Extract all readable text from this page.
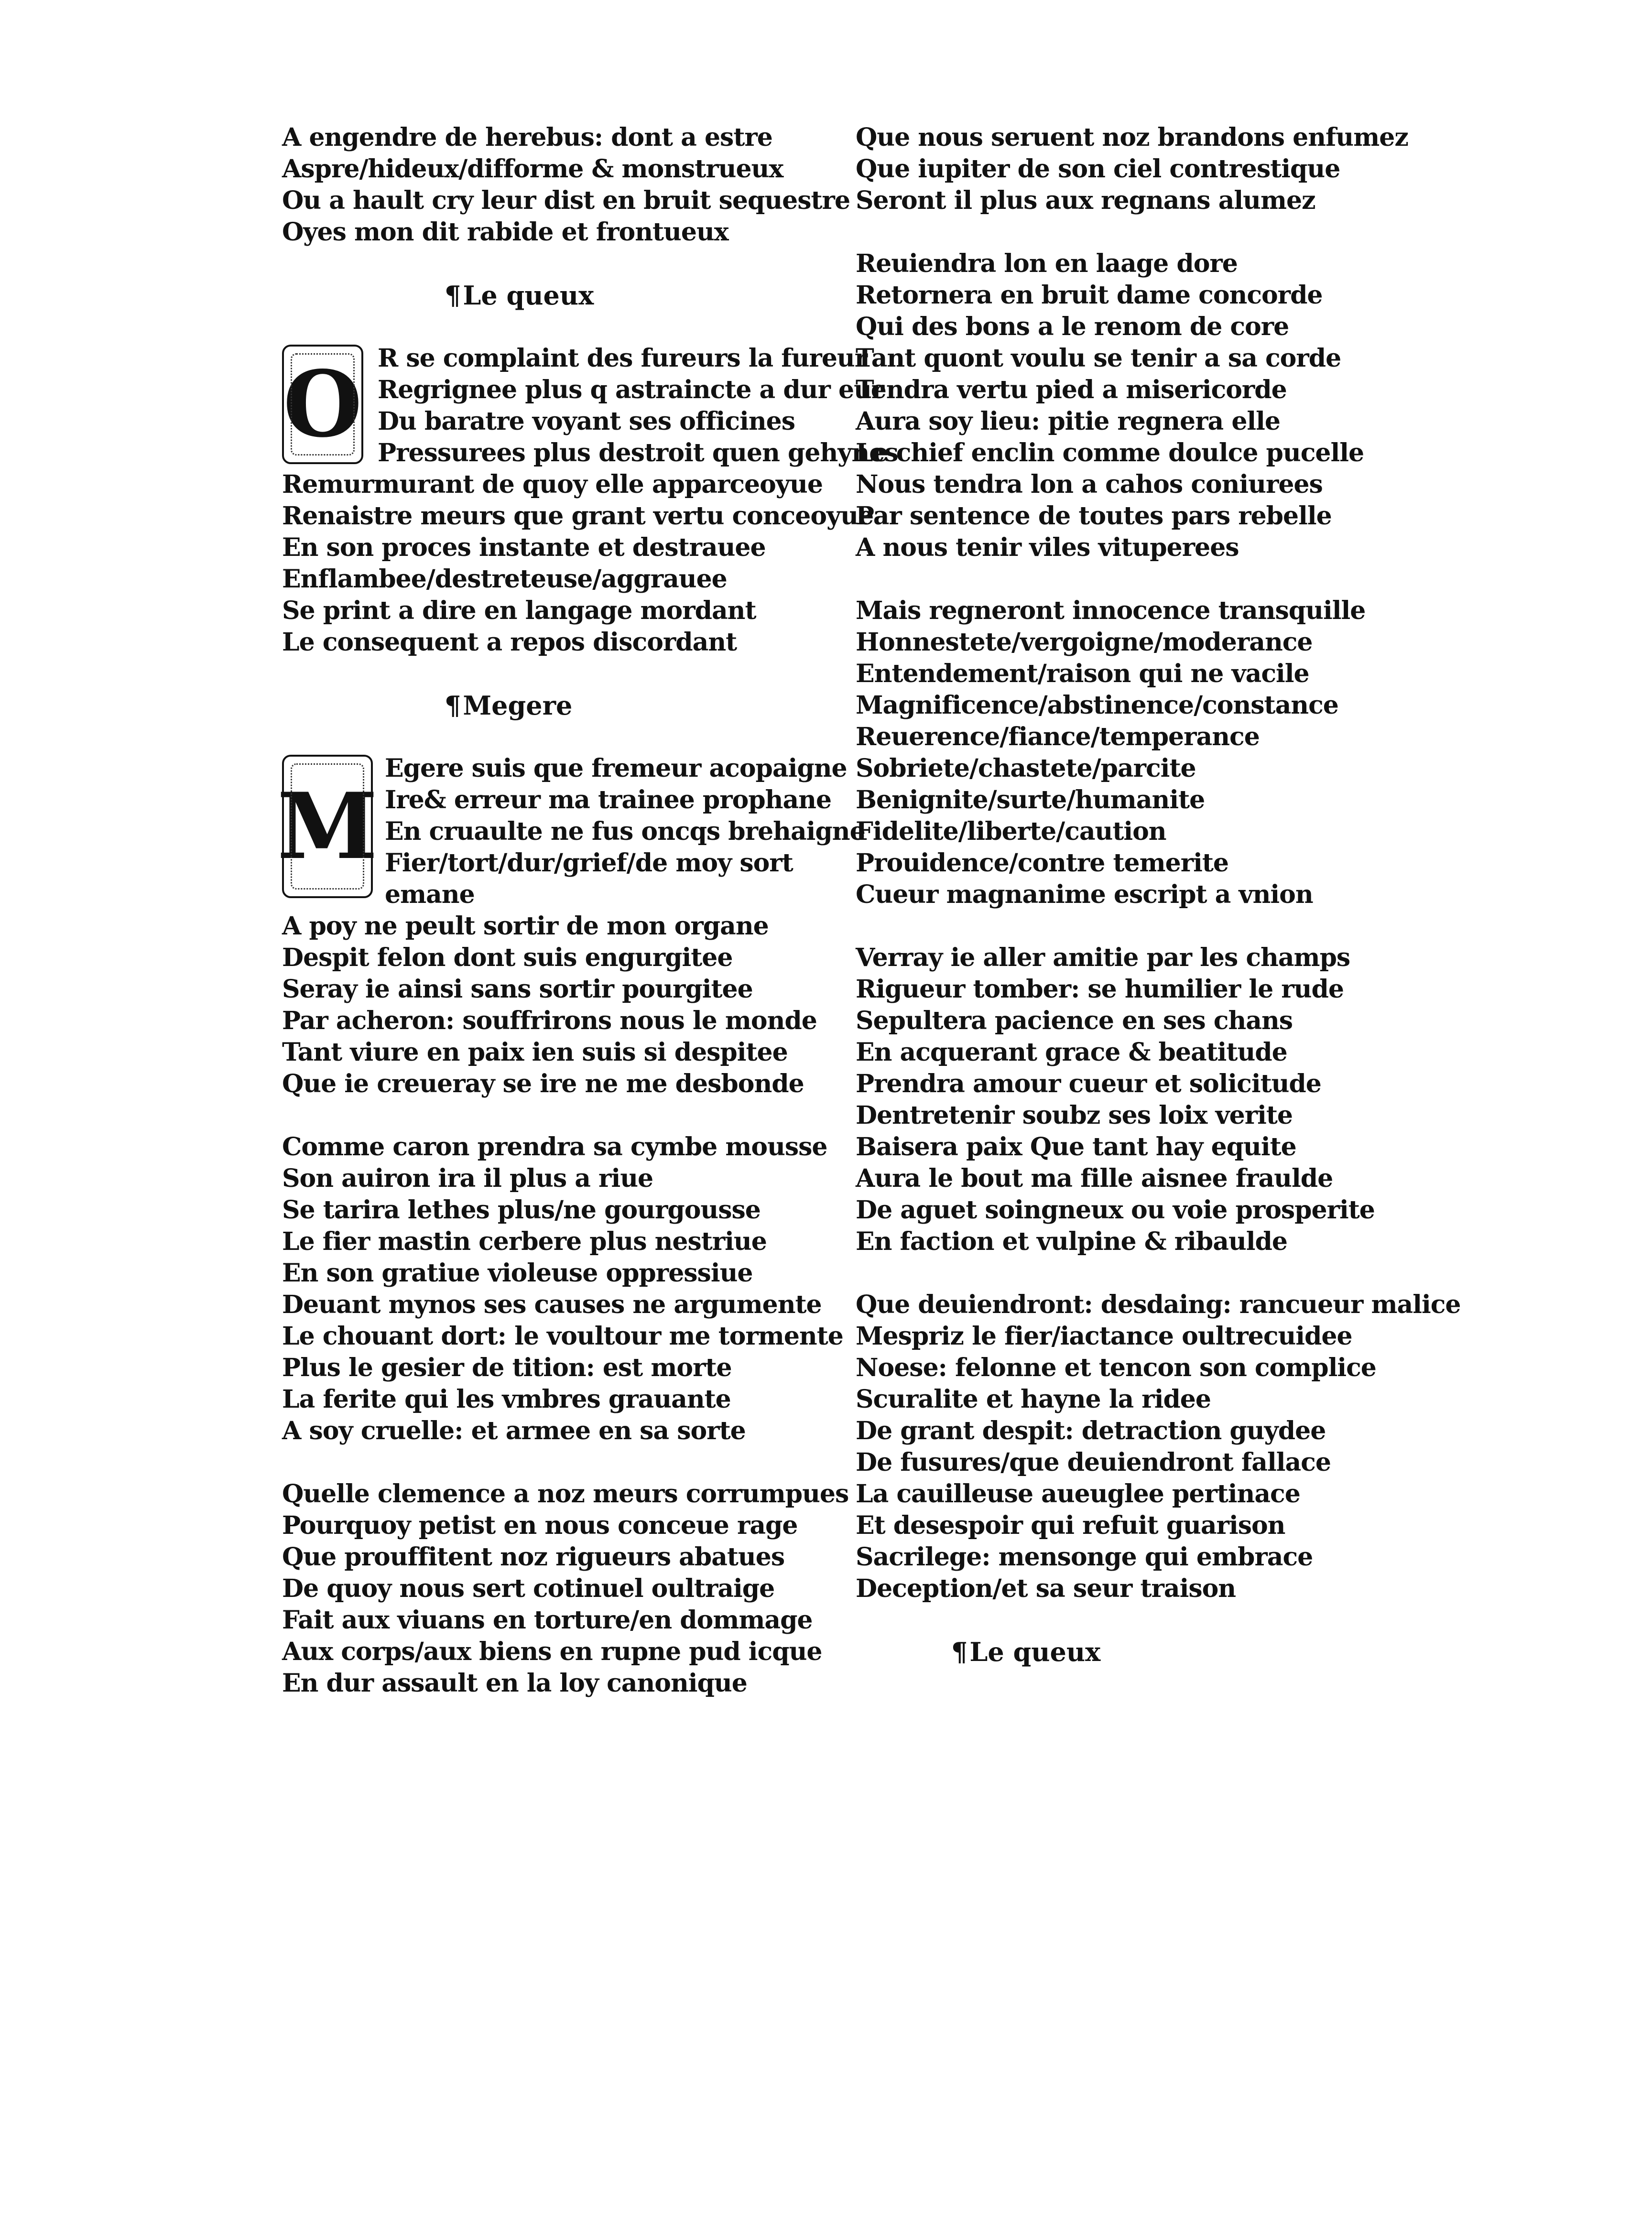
A engendre de herebus: dont a estre
Aspre/hideux/difforme & monstrueux
Ou a hault cry leur dist en bruit sequestre
Oyes mon dit rabide et frontueux
¶Le queux
O R se complaint des fureurs la fureur
Regrignee plus q astraincte a dur eur
Du baratre voyant ses officines
Pressurees plus destroit quen gehynes
Remurmurant de quoy elle apparceoyue
Renaistre meurs que grant vertu conceoyue
En son proces instante et destrauee
Enflambee/destreteuse/aggrauee
Se print a dire en langage mordant
Le consequent a repos discordant
¶Megere
M
Egere suis que fremeur acopaigne
Ire& erreur ma trainee prophane
En cruaulte ne fus oncqs brehaigne
Fier/tort/dur/grief/de moy sort
emane
A poy ne peult sortir de mon organe
Despit felon dont suis engurgitee
Seray ie ainsi sans sortir pourgitee
Par acheron: souffrirons nous le monde
Tant viure en paix ien suis si despitee
Que ie creueray se ire ne me desbonde
Comme caron prendra sa cymbe mousse
Son auiron ira il plus a riue
Se tarira lethes plus/ne gourgousse
Le fier mastin cerbere plus nestriue
En son gratiue violeuse oppressiue
Deuant mynos ses causes ne argumente
Le chouant dort: le voultour me tormente
Plus le gesier de tition: est morte
La ferite qui les vmbres grauante
A soy cruelle: et armee en sa sorte
Quelle clemence a noz meurs corrumpues
Pourquoy petist en nous conceue rage
Que prouffitent noz rigueurs abatues
De quoy nous sert cotinuel oultraige
Fait aux viuans en torture/en dommage
Aux corps/aux biens en rupne pud icque
En dur assault en la loy canonique
Que nous seruent noz brandons enfumez
Que iupiter de son ciel contrestique
Seront il plus aux regnans alumez
Reuiendra lon en laage dore
Retornera en bruit dame concorde
Qui des bons a le renom de core
Tant quont voulu se tenir a sa corde
Tendra vertu pied a misericorde
Aura soy lieu: pitie regnera elle
Le chief enclin comme doulce pucelle
Nous tendra lon a cahos coniurees
Par sentence de toutes pars rebelle
A nous tenir viles vituperees
Mais regneront innocence transquille
Honnestete/vergoigne/moderance
Entendement/raison qui ne vacile
Magnificence/abstinence/constance
Reuerence/fiance/temperance
Sobriete/chastete/parcite
Benignite/surte/humanite
Fidelite/liberte/caution
Prouidence/contre temerite
Cueur magnanime escript a vnion
Verray ie aller amitie par les champs
Rigueur tomber: se humilier le rude
Sepultera pacience en ses chans
En acquerant grace & beatitude
Prendra amour cueur et solicitude
Dentretenir soubz ses loix verite
Baisera paix Que tant hay equite
Aura le bout ma fille aisnee fraulde
De aguet soingneux ou voie prosperite
En faction et vulpine & ribaulde
Que deuiendront: desdaing: rancueur malice
Mespriz le fier/iactance oultrecuidee
Noese: felonne et tencon son complice
Scuralite et hayne la ridee
De grant despit: detraction guydee
De fusures/que deuiendront fallace
La cauilleuse aueuglee pertinace
Et desespoir qui refuit guarison
Sacrilege: mensonge qui embrace
Deception/et sa seur traison
¶Le queux
